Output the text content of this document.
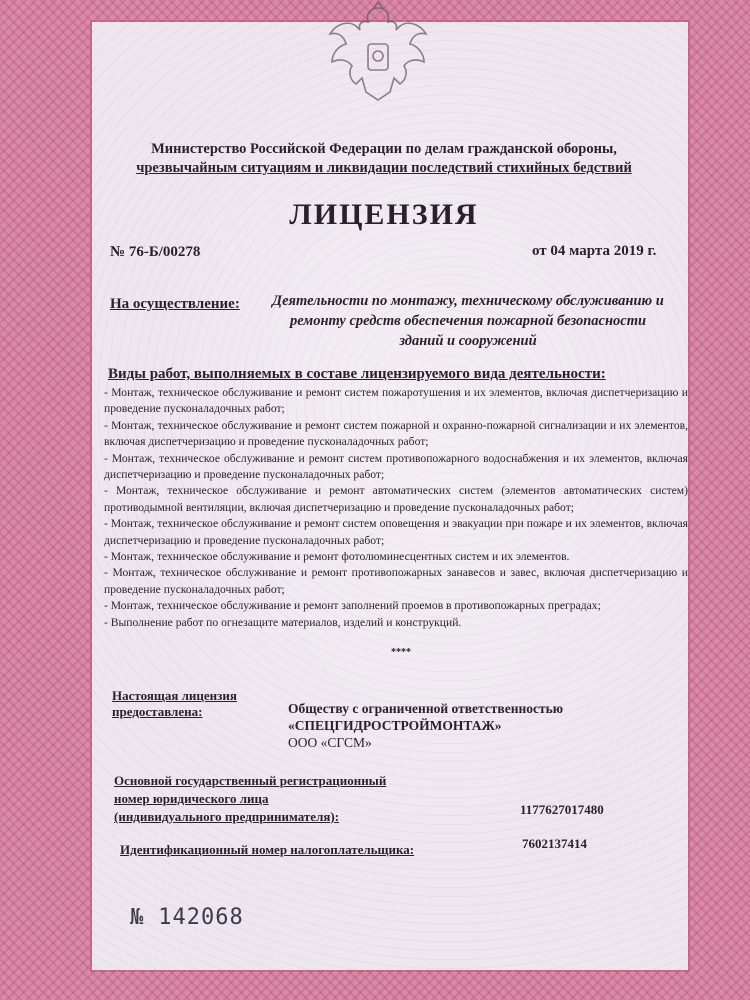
Министерство Российской Федерации по делам гражданской обороны,
чрезвычайным ситуациям и ликвидации последствий стихийных бедствий
ЛИЦЕНЗИЯ
№ 76-Б/00278	от 04 марта 2019 г.
На осуществление: Деятельности по монтажу, техническому обслуживанию и ремонту средств обеспечения пожарной безопасности зданий и сооружений
Виды работ, выполняемых в составе лицензируемого вида деятельности:

- Монтаж, техническое обслуживание и ремонт систем пожаротушения и их элементов, включая диспетчеризацию и проведение пусконаладочных работ;

- Монтаж, техническое обслуживание и ремонт систем пожарной и охранно-пожарной сигнализации и их элементов, включая диспетчеризацию и проведение пусконаладочных работ;

- Монтаж, техническое обслуживание и ремонт систем противопожарного водоснабжения и их элементов, включая диспетчеризацию и проведение пусконаладочных работ;

- Монтаж, техническое обслуживание и ремонт автоматических систем (элементов автоматических систем) противодымной вентиляции, включая диспетчеризацию и проведение пусконаладочных работ;

- Монтаж, техническое обслуживание и ремонт систем оповещения и эвакуации при пожаре и их элементов, включая диспетчеризацию и проведение пусконаладочных работ;

- Монтаж, техническое обслуживание и ремонт фотолюминесцентных систем и их элементов.

- Монтаж, техническое обслуживание и ремонт противопожарных занавесов и завес, включая диспетчеризацию и проведение пусконаладочных работ;

- Монтаж, техническое обслуживание и ремонт заполнений проемов в противопожарных преградах;

- Выполнение работ по огнезащите материалов, изделий и конструкций.

****
Настоящая лицензия
предоставлена:	Обществу с ограниченной ответственностью
«СПЕЦГИДРОСТРОЙМОНТАЖ»
ООО «СГСМ»
Основной государственный регистрационный
номер юридического лица
(индивидуального предпринимателя):	1177627017480
Идентификационный номер налогоплательщика:	7602137414
№ 142068
